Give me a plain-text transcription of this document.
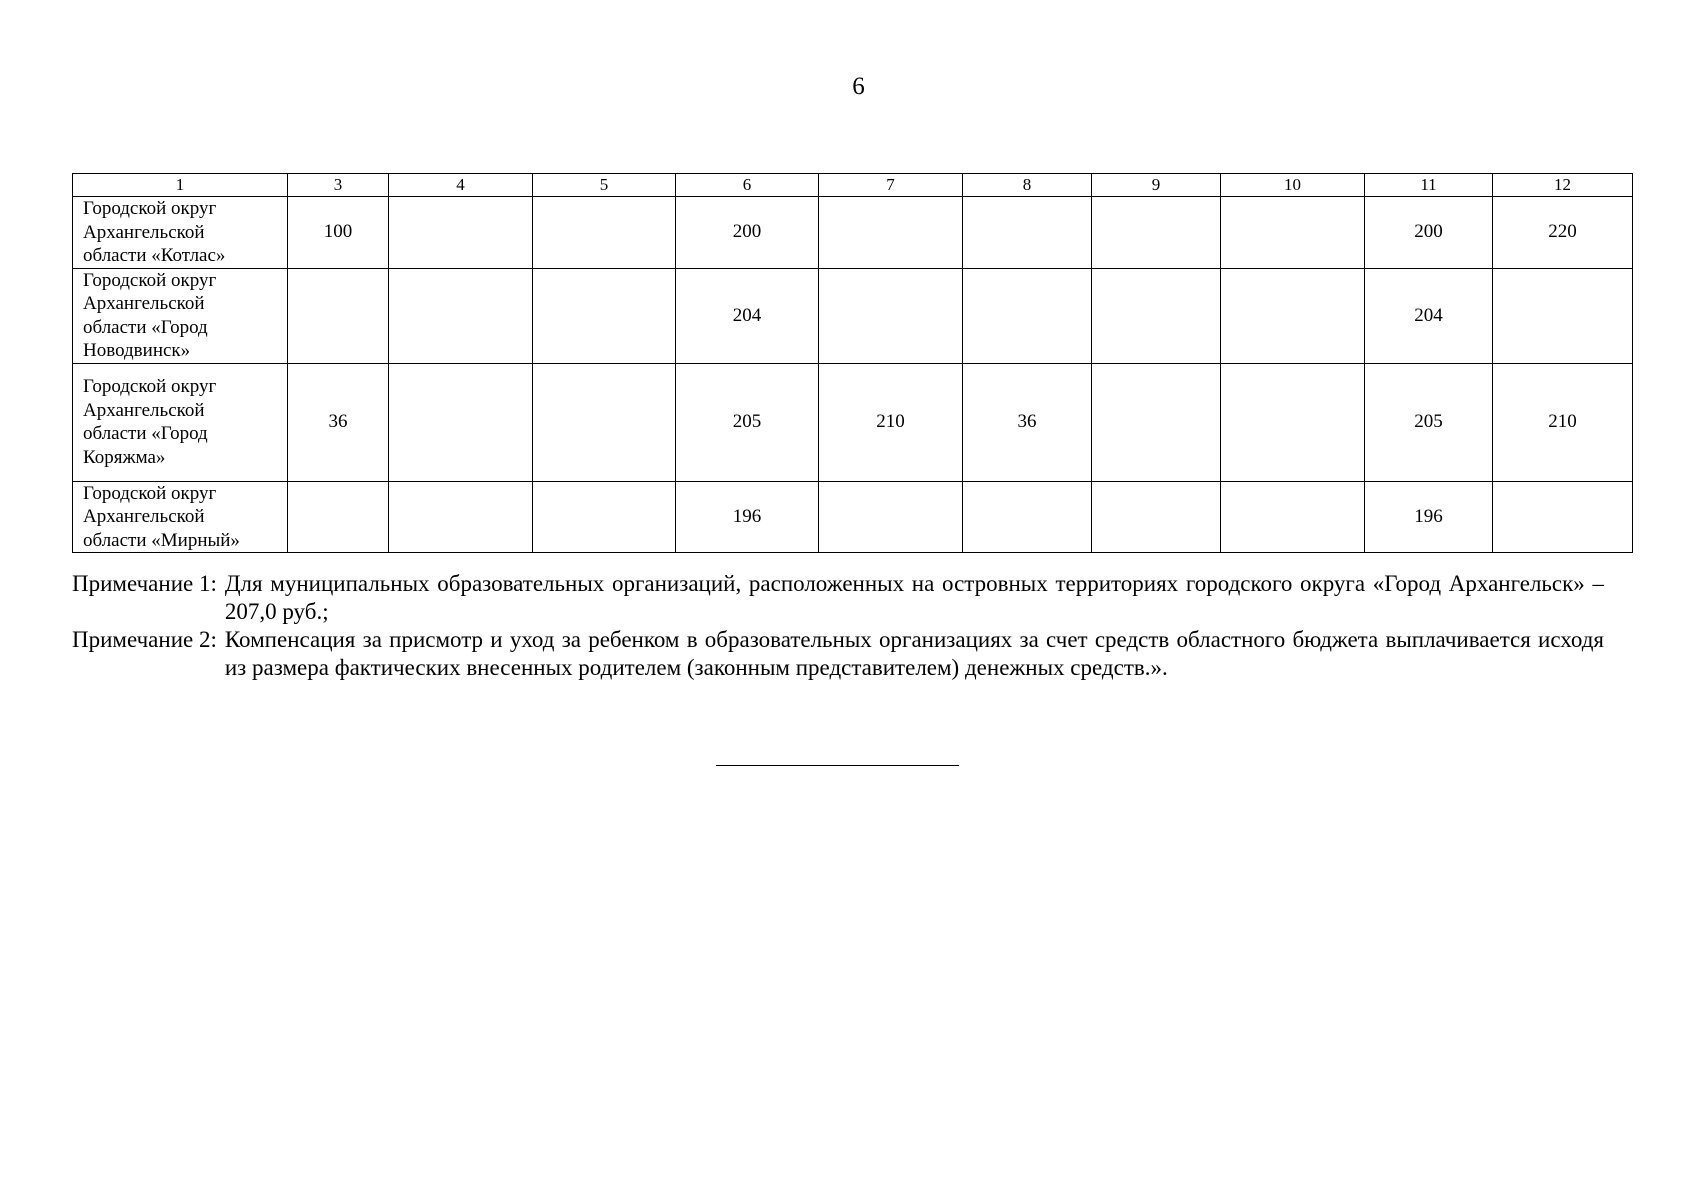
6
1	3	4	5	6	7	8	9	10	11	12
Городской округ
Архангельской
области «Котлас»	100			200					200	220
Городской округ
Архангельской
области «Город
Новодвинск»				204					204	
Городской округ
Архангельской
области «Город
Коряжма»	36			205	210	36			205	210
Городской округ
Архангельской
области «Мирный»				196					196	
Примечание 1: Для муниципальных образовательных организаций, расположенных на островных территориях городского округа «Город Архангельск» – 207,0 руб.;
Примечание 2: Компенсация за присмотр и уход за ребенком в образовательных организациях за счет средств областного бюджета выплачивается исходя из размера фактических внесенных родителем (законным представителем) денежных средств.».
